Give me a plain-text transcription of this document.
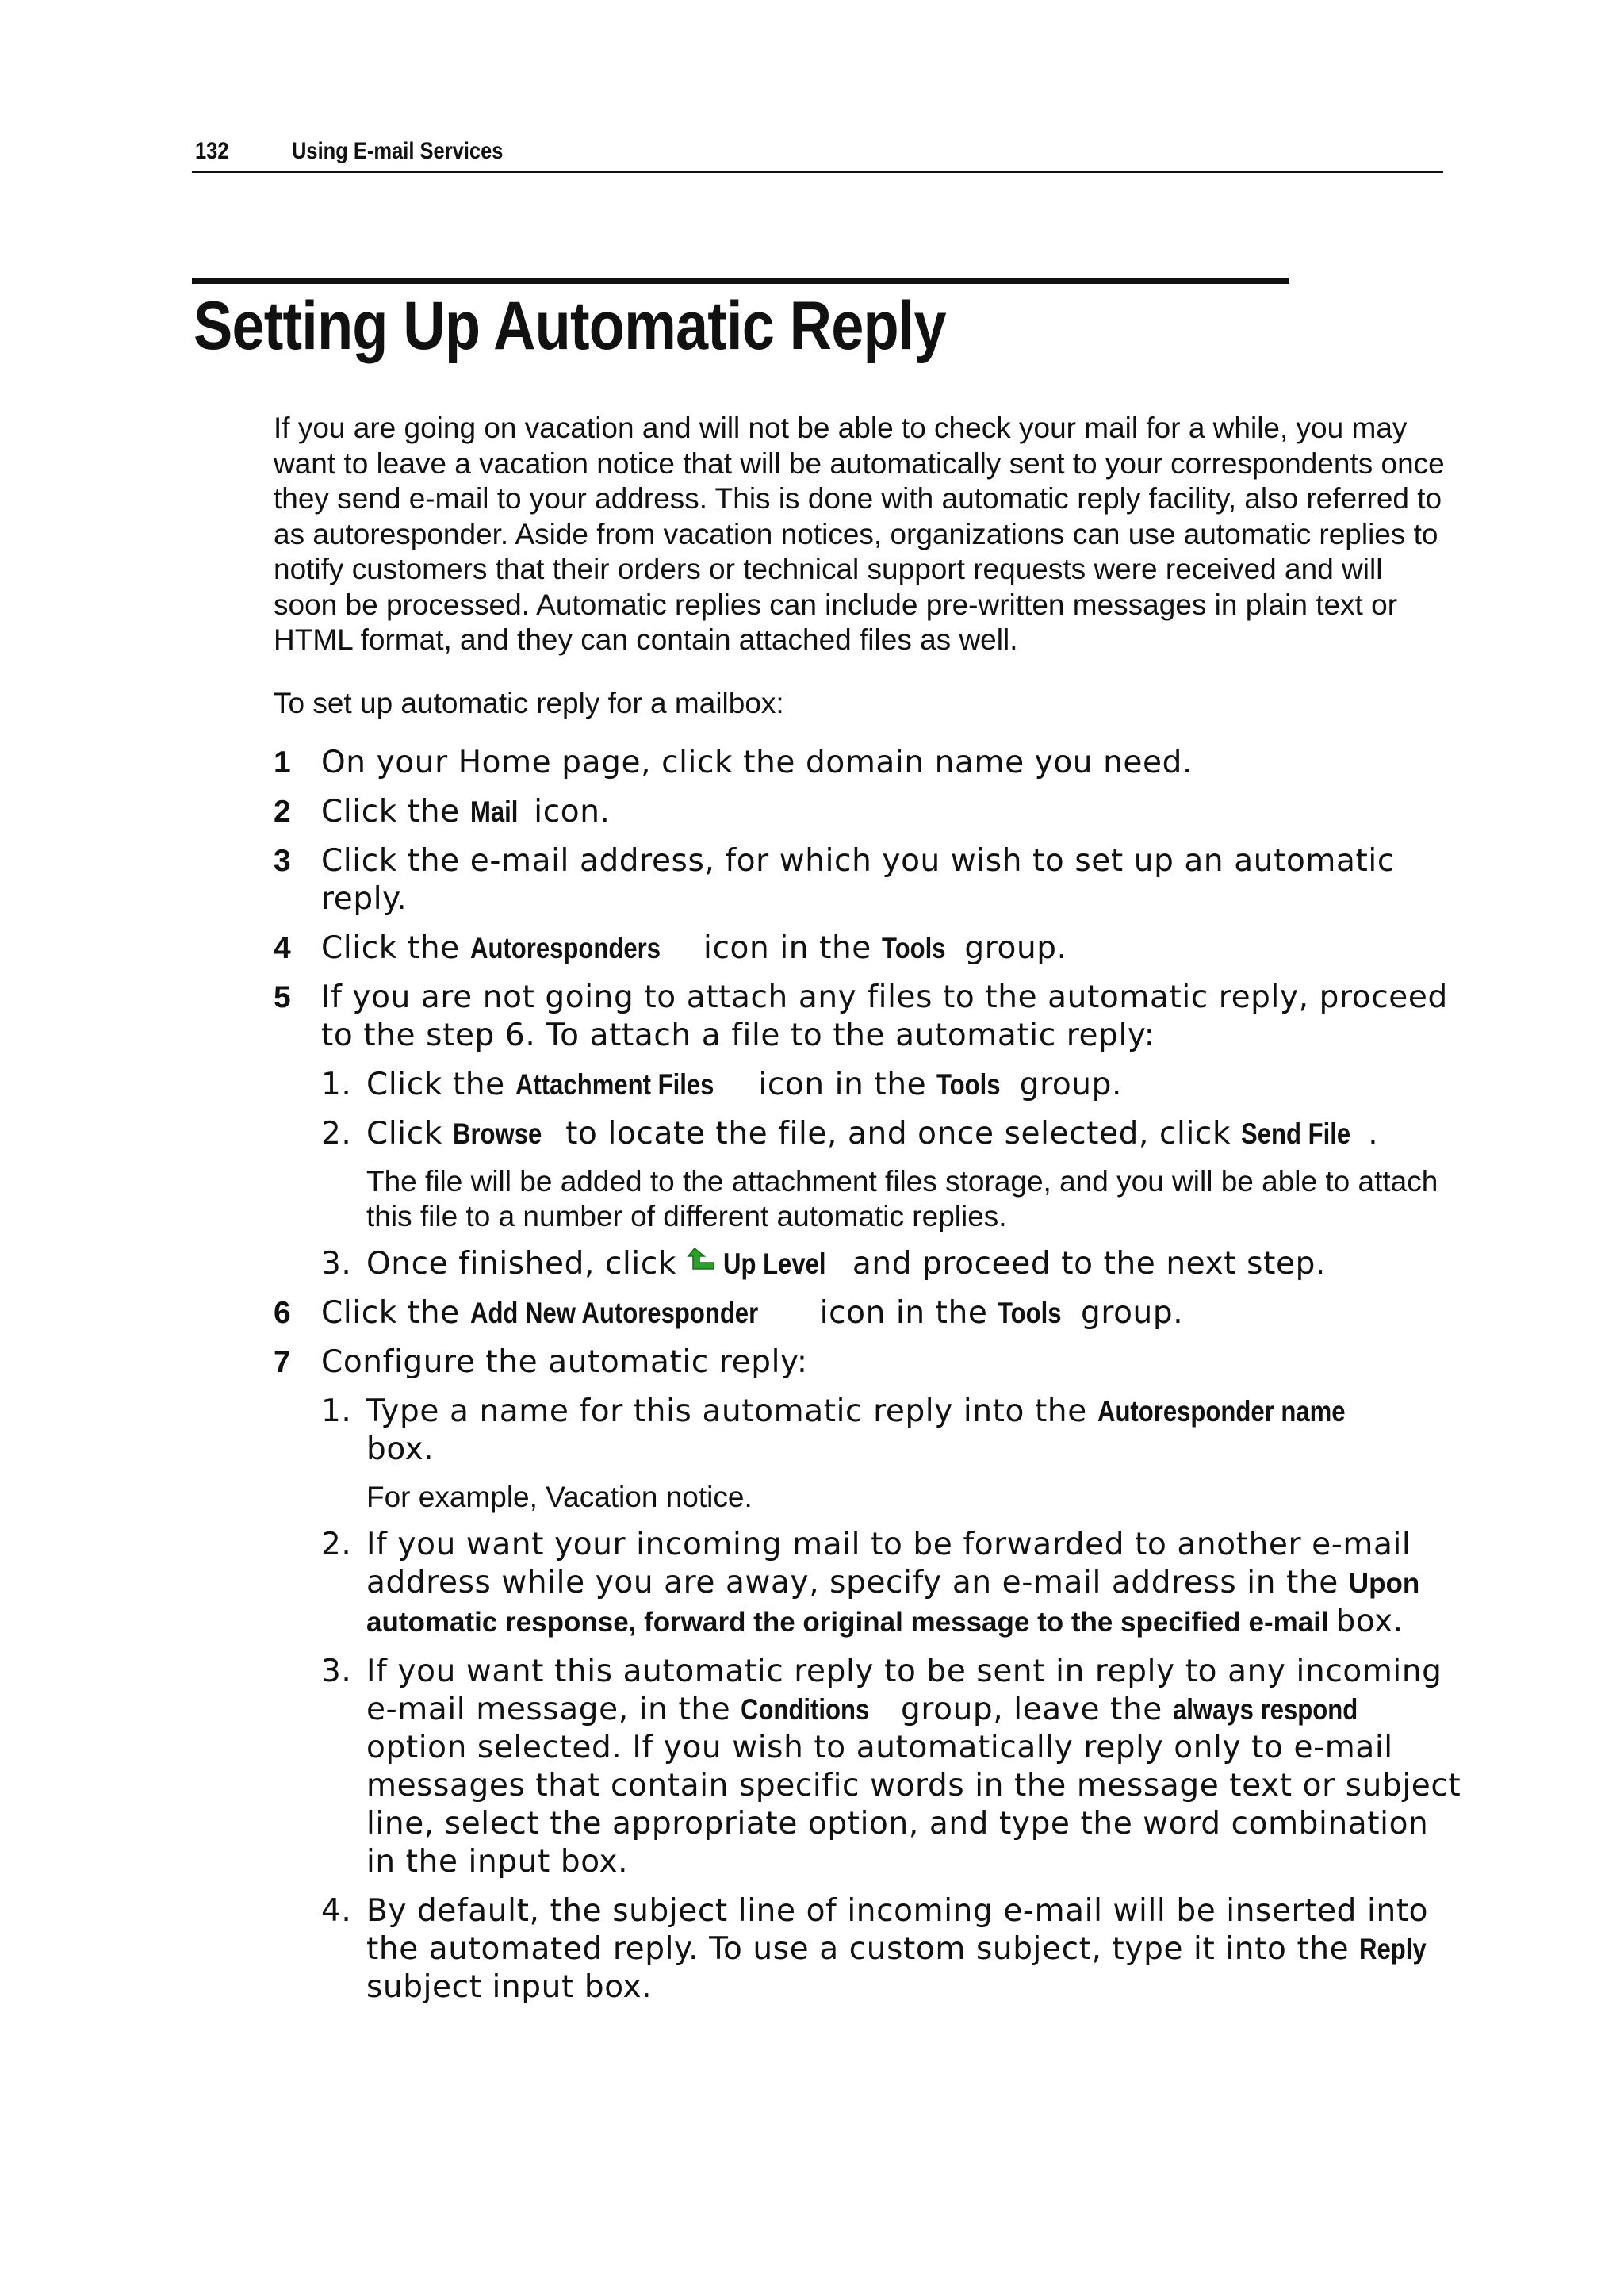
132	Using E-mail Services
Setting Up Automatic Reply

If you are going on vacation and will not be able to check your mail for a while, you may want to leave a vacation notice that will be automatically sent to your correspondents once they send e-mail to your address. This is done with automatic reply facility, also referred to as autoresponder. Aside from vacation notices, organizations can use automatic replies to notify customers that their orders or technical support requests were received and will soon be processed. Automatic replies can include pre-written messages in plain text or HTML format, and they can contain attached files as well.

To set up automatic reply for a mailbox:

1 On your Home page, click the domain name you need.
2 Click the Mail icon.
3 Click the e-mail address, for which you wish to set up an automatic reply.
4 Click the Autoresponders icon in the Tools group.
5 If you are not going to attach any files to the automatic reply, proceed to the step 6. To attach a file to the automatic reply:
1. Click the Attachment Files icon in the Tools group.
2. Click Browse to locate the file, and once selected, click Send File .

The file will be added to the attachment files storage, and you will be able to attach this file to a number of different automatic replies.

3. Once finished, click Up Level and proceed to the next step.
6 Click the Add New Autoresponder icon in the Tools group.
7 Configure the automatic reply:
1. Type a name for this automatic reply into the Autoresponder name box.

For example, Vacation notice.

2. If you want your incoming mail to be forwarded to another e-mail address while you are away, specify an e-mail address in the Upon automatic response, forward the original message to the specified e-mail box.
3. If you want this automatic reply to be sent in reply to any incoming e-mail message, in the Conditions group, leave the always respond option selected. If you wish to automatically reply only to e-mail messages that contain specific words in the message text or subject line, select the appropriate option, and type the word combination in the input box.
4. By default, the subject line of incoming e-mail will be inserted into the automated reply. To use a custom subject, type it into the Reply subject input box.
